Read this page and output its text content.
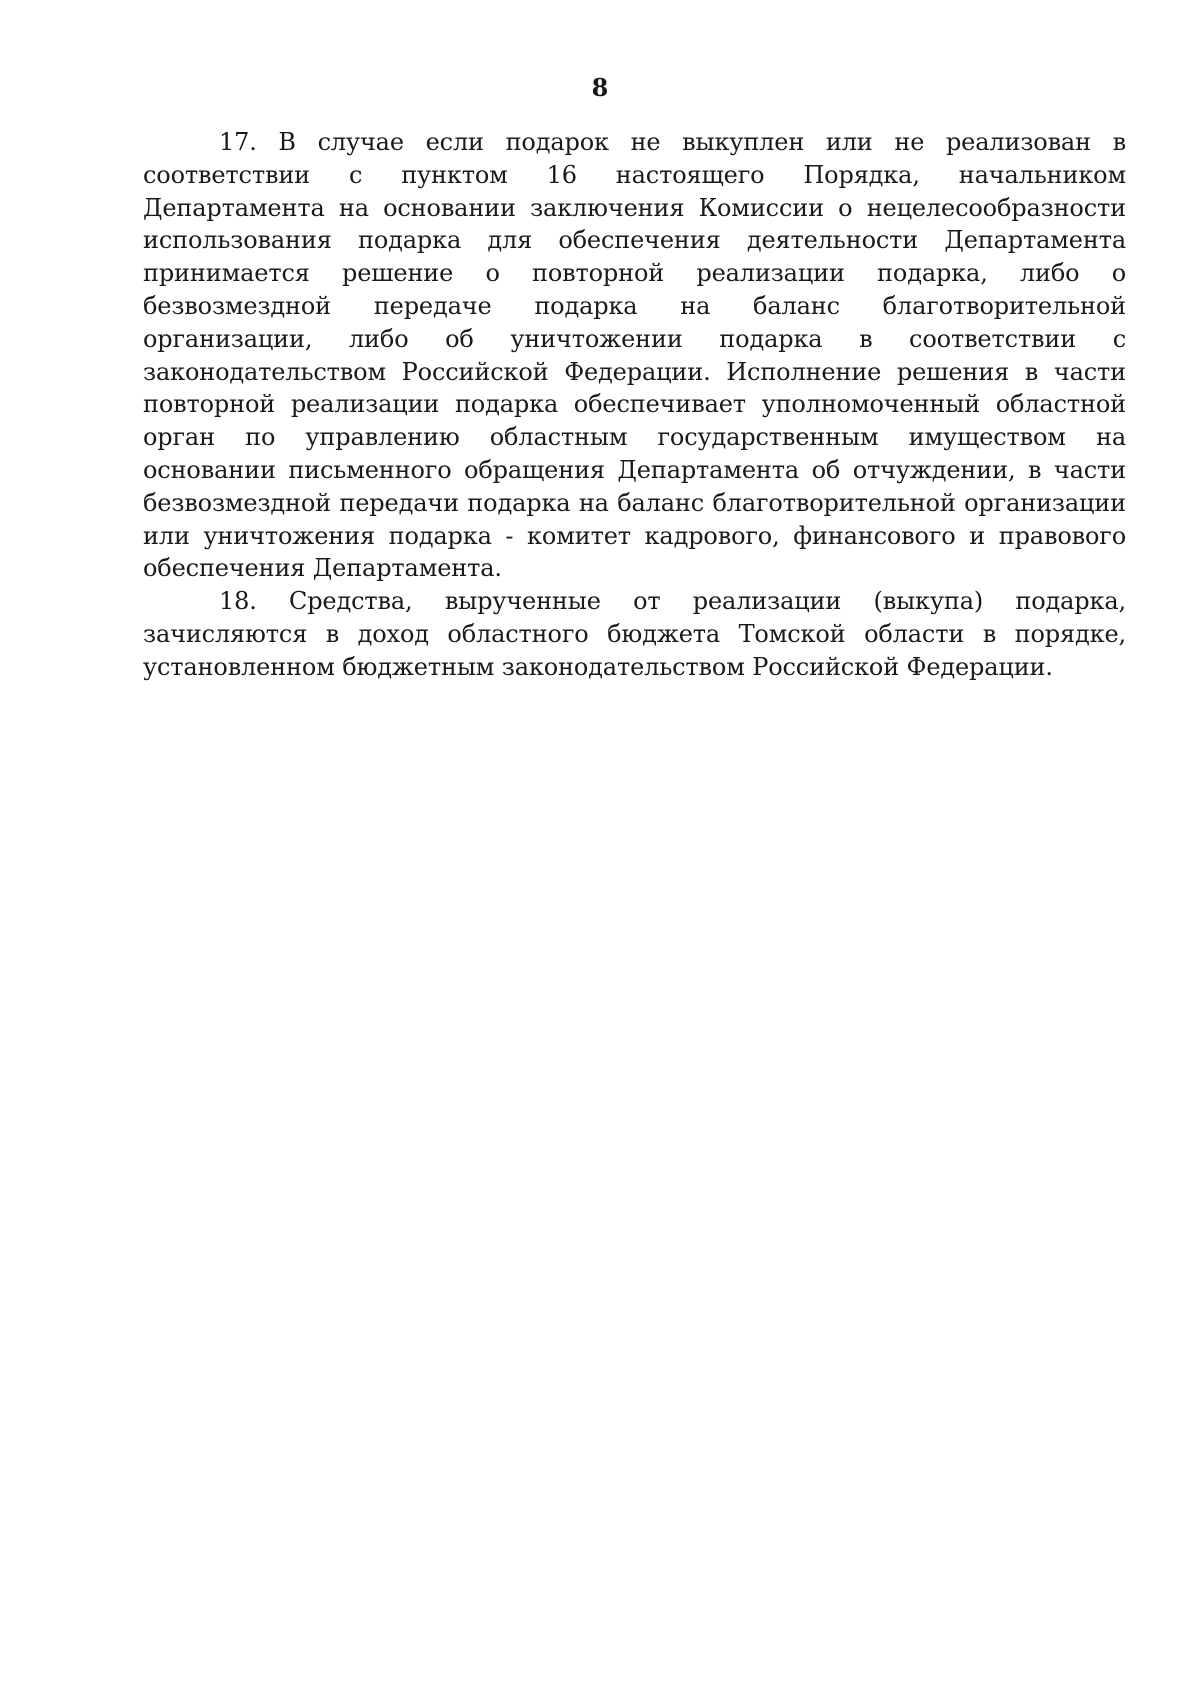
8

17. В случае если подарок не выкуплен или не реализован в соответствии с пунктом 16 настоящего Порядка, начальником Департамента на основании заключения Комиссии о нецелесообразности использования подарка для обеспечения деятельности Департамента принимается решение о повторной реализации подарка, либо о безвозмездной передаче подарка на баланс благотворительной организации, либо об уничтожении подарка в соответствии с законодательством Российской Федерации. Исполнение решения в части повторной реализации подарка обеспечивает уполномоченный областной орган по управлению областным государственным имуществом на основании письменного обращения Департамента об отчуждении, в части безвозмездной передачи подарка на баланс благотворительной организации или уничтожения подарка - комитет кадрового, финансового и правового обеспечения Департамента.

18. Средства, вырученные от реализации (выкупа) подарка, зачисляются в доход областного бюджета Томской области в порядке, установленном бюджетным законодательством Российской Федерации.
